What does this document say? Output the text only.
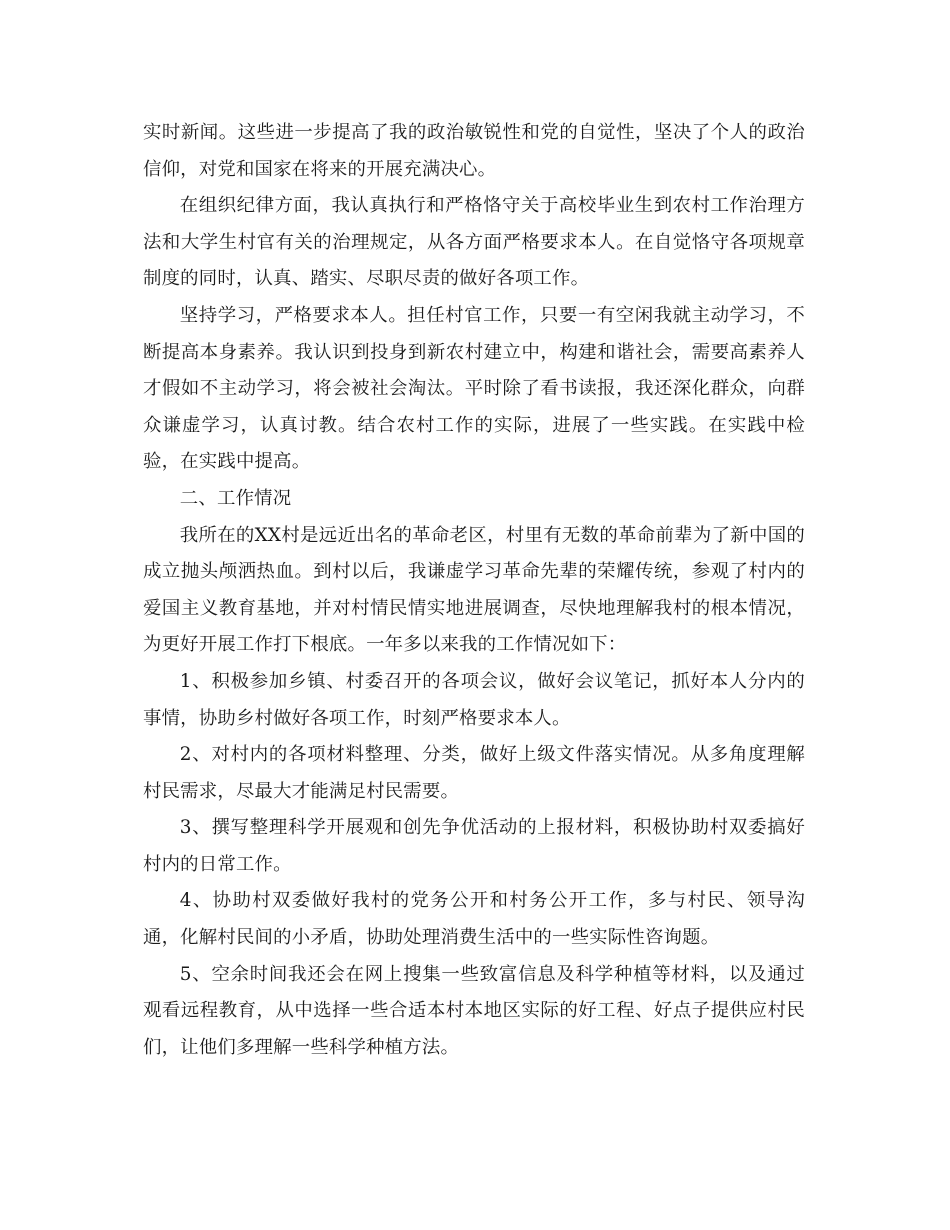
实时新闻。这些进一步提高了我的政治敏锐性和党的自觉性，坚决了个人的政治信仰，对党和国家在将来的开展充满决心。

在组织纪律方面，我认真执行和严格恪守关于高校毕业生到农村工作治理方法和大学生村官有关的治理规定，从各方面严格要求本人。在自觉恪守各项规章制度的同时，认真、踏实、尽职尽责的做好各项工作。

坚持学习，严格要求本人。担任村官工作，只要一有空闲我就主动学习，不断提高本身素养。我认识到投身到新农村建立中，构建和谐社会，需要高素养人才假如不主动学习，将会被社会淘汰。平时除了看书读报，我还深化群众，向群众谦虚学习，认真讨教。结合农村工作的实际，进展了一些实践。在实践中检验，在实践中提高。

二、工作情况

我所在的XX村是远近出名的革命老区，村里有无数的革命前辈为了新中国的成立抛头颅洒热血。到村以后，我谦虚学习革命先辈的荣耀传统，参观了村内的爱国主义教育基地，并对村情民情实地进展调查，尽快地理解我村的根本情况，为更好开展工作打下根底。一年多以来我的工作情况如下：

1、积极参加乡镇、村委召开的各项会议，做好会议笔记，抓好本人分内的事情，协助乡村做好各项工作，时刻严格要求本人。

2、对村内的各项材料整理、分类，做好上级文件落实情况。从多角度理解村民需求，尽最大才能满足村民需要。

3、撰写整理科学开展观和创先争优活动的上报材料，积极协助村双委搞好村内的日常工作。

4、协助村双委做好我村的党务公开和村务公开工作，多与村民、领导沟通，化解村民间的小矛盾，协助处理消费生活中的一些实际性咨询题。

5、空余时间我还会在网上搜集一些致富信息及科学种植等材料，以及通过观看远程教育，从中选择一些合适本村本地区实际的好工程、好点子提供应村民们，让他们多理解一些科学种植方法。
